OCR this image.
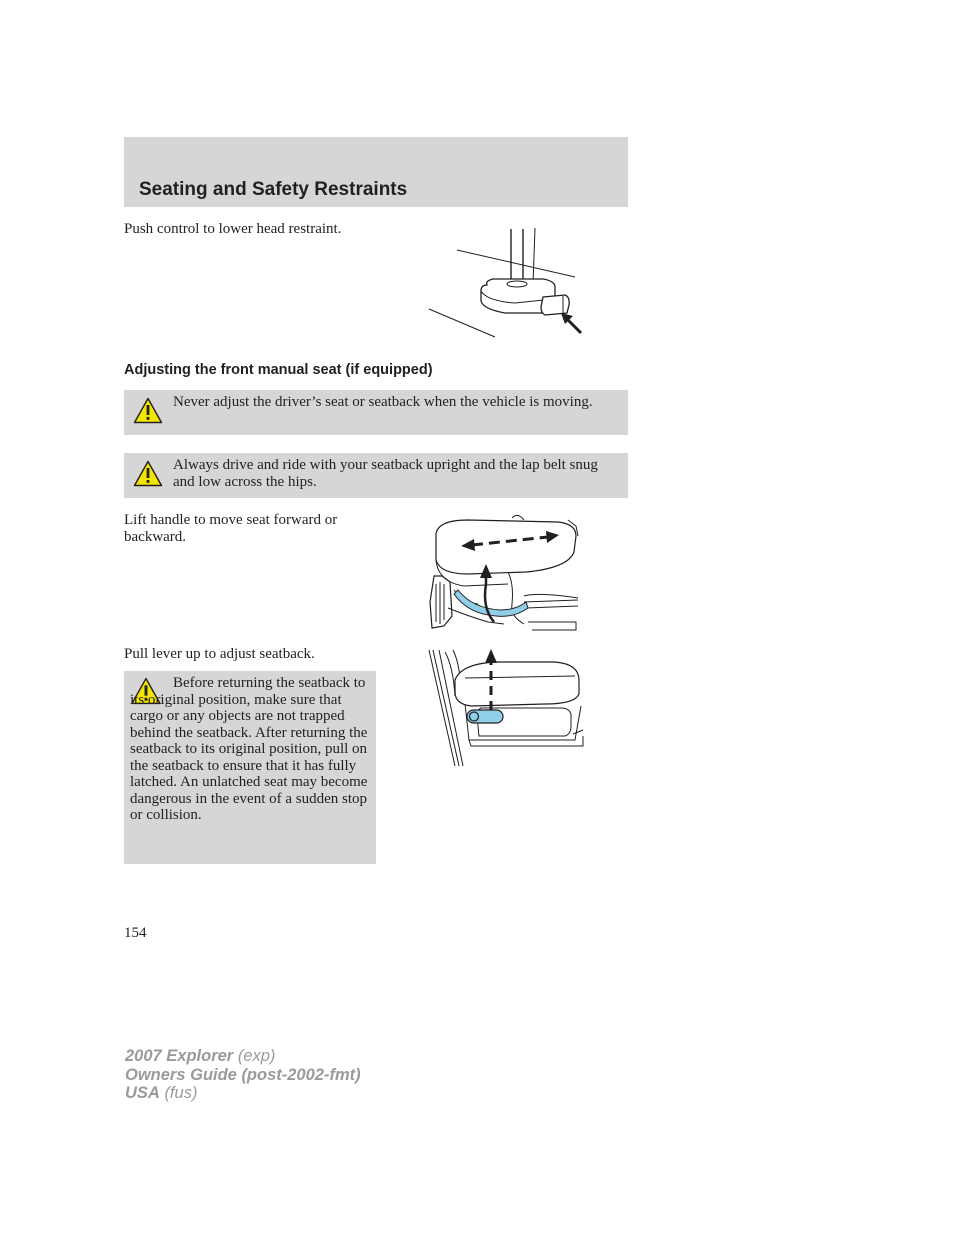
Seating and Safety Restraints

Push control to lower head restraint.

Adjusting the front manual seat (if equipped)

Never adjust the driver’s seat or seatback when the vehicle is moving.

Always drive and ride with your seatback upright and the lap belt snug and low across the hips.

Lift handle to move seat forward or backward.

Pull lever up to adjust seatback.

Before returning the seatback to its original position, make sure that cargo or any objects are not trapped behind the seatback. After returning the seatback to its original position, pull on the seatback to ensure that it has fully latched. An unlatched seat may become dangerous in the event of a sudden stop or collision.

154
2007 Explorer (exp)
Owners Guide (post-2002-fmt)
USA (fus)
